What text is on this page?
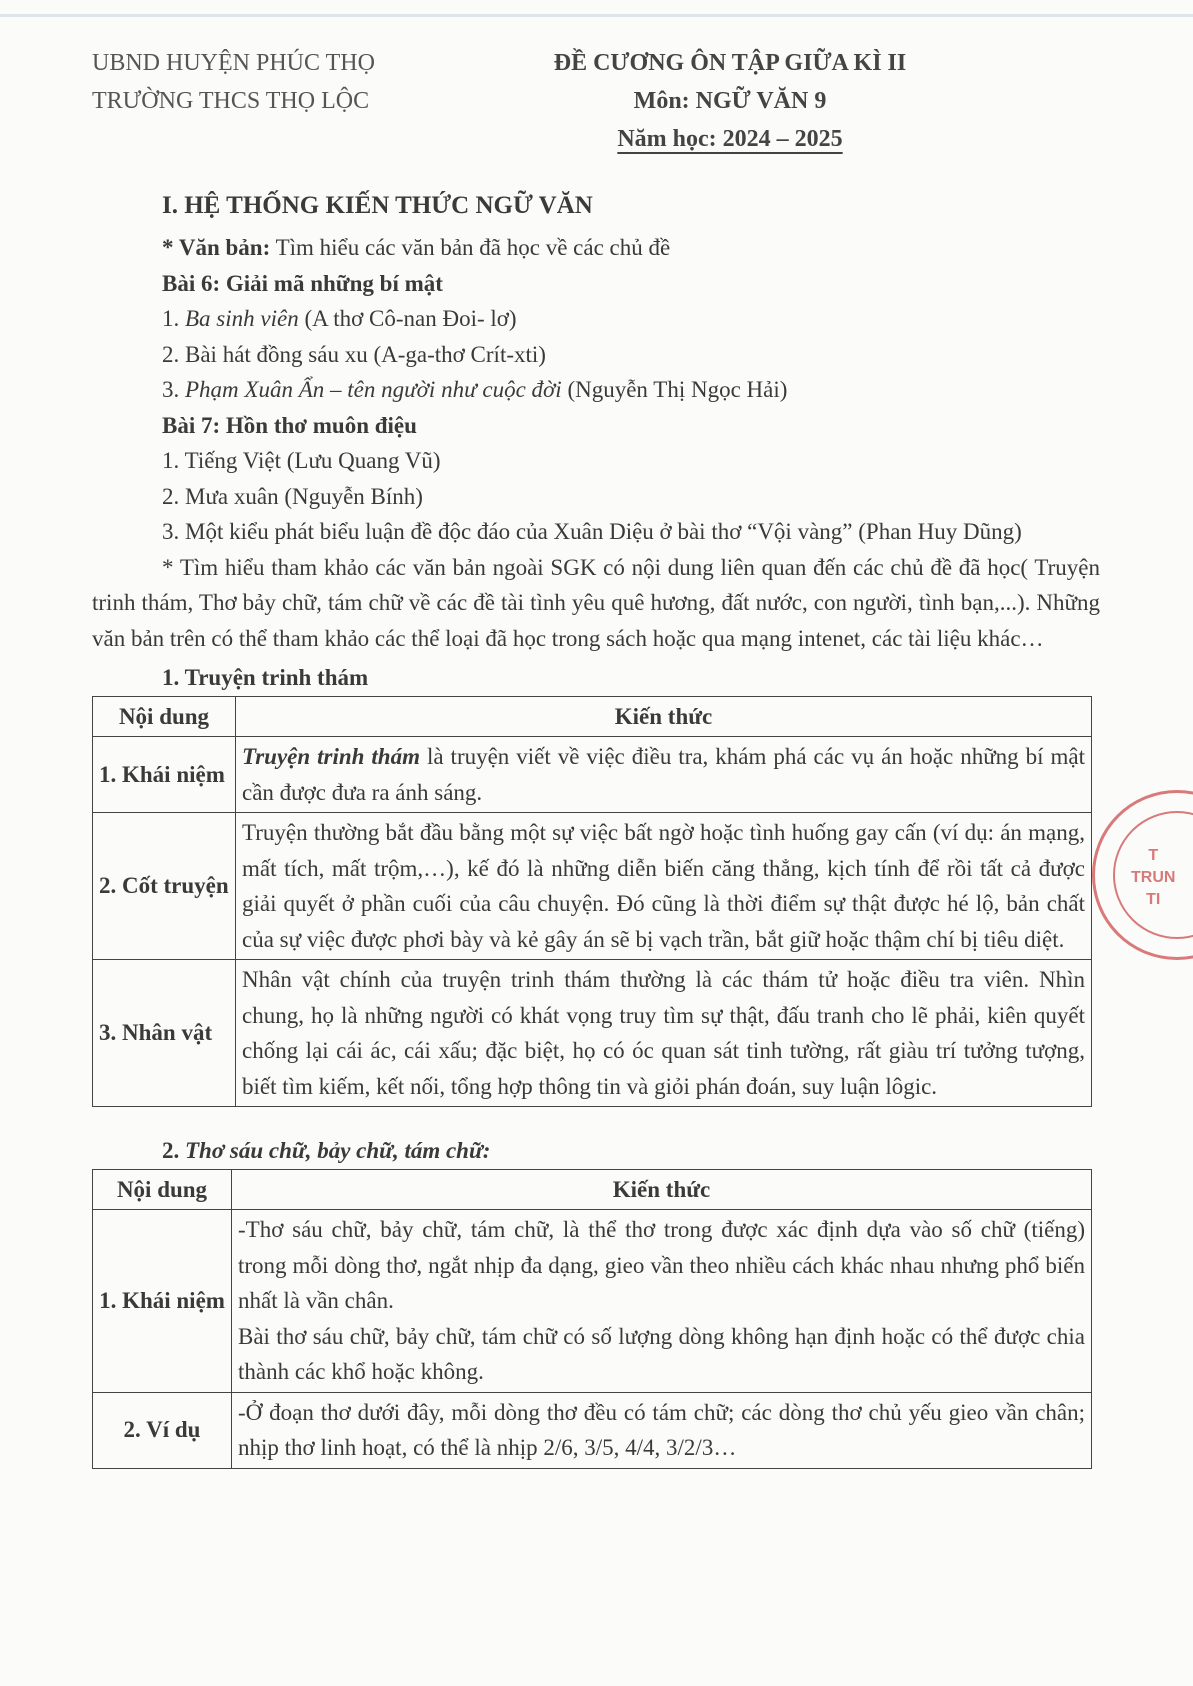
UBND HUYỆN PHÚC THỌ
TRƯỜNG THCS THỌ LỘC
ĐỀ CƯƠNG ÔN TẬP GIỮA KÌ II
Môn: NGỮ VĂN 9
Năm học: 2024 – 2025
I. HỆ THỐNG KIẾN THỨC NGỮ VĂN
* Văn bản: Tìm hiểu các văn bản đã học về các chủ đề
Bài 6: Giải mã những bí mật
1. Ba sinh viên (A thơ Cô-nan Đoi- lơ)
2. Bài hát đồng sáu xu (A-ga-thơ Crít-xti)
3. Phạm Xuân Ẩn – tên người như cuộc đời (Nguyễn Thị Ngọc Hải)
Bài 7: Hồn thơ muôn điệu
1. Tiếng Việt (Lưu Quang Vũ)
2. Mưa xuân (Nguyễn Bính)
3. Một kiểu phát biểu luận đề độc đáo của Xuân Diệu ở bài thơ “Vội vàng” (Phan Huy Dũng)
* Tìm hiểu tham khảo các văn bản ngoài SGK có nội dung liên quan đến các chủ đề đã học( Truyện trinh thám, Thơ bảy chữ, tám chữ về các đề tài tình yêu quê hương, đất nước, con người, tình bạn,...). Những văn bản trên có thể tham khảo các thể loại đã học trong sách hoặc qua mạng intenet, các tài liệu khác…
1. Truyện trinh thám
Nội dung	Kiến thức
1. Khái niệm	Truyện trinh thám là truyện viết về việc điều tra, khám phá các vụ án hoặc những bí mật cần được đưa ra ánh sáng.
2. Cốt truyện	Truyện thường bắt đầu bằng một sự việc bất ngờ hoặc tình huống gay cấn (ví dụ: án mạng, mất tích, mất trộm,…), kế đó là những diễn biến căng thẳng, kịch tính để rồi tất cả được giải quyết ở phần cuối của câu chuyện. Đó cũng là thời điểm sự thật được hé lộ, bản chất của sự việc được phơi bày và kẻ gây án sẽ bị vạch trần, bắt giữ hoặc thậm chí bị tiêu diệt.
3. Nhân vật	Nhân vật chính của truyện trinh thám thường là các thám tử hoặc điều tra viên. Nhìn chung, họ là những người có khát vọng truy tìm sự thật, đấu tranh cho lẽ phải, kiên quyết chống lại cái ác, cái xấu; đặc biệt, họ có óc quan sát tinh tường, rất giàu trí tưởng tượng, biết tìm kiếm, kết nối, tổng hợp thông tin và giỏi phán đoán, suy luận lôgic.
2. Thơ sáu chữ, bảy chữ, tám chữ:
Nội dung	Kiến thức
1. Khái niệm	-Thơ sáu chữ, bảy chữ, tám chữ, là thể thơ trong được xác định dựa vào số chữ (tiếng) trong mỗi dòng thơ, ngắt nhịp đa dạng, gieo vần theo nhiều cách khác nhau nhưng phổ biến nhất là vần chân.
Bài thơ sáu chữ, bảy chữ, tám chữ có số lượng dòng không hạn định hoặc có thể được chia thành các khổ hoặc không.

2. Ví dụ	-Ở đoạn thơ dưới đây, mỗi dòng thơ đều có tám chữ; các dòng thơ chủ yếu gieo vần chân; nhịp thơ linh hoạt, có thể là nhịp 2/6, 3/5, 4/4, 3/2/3…
T
TRUN
TI
